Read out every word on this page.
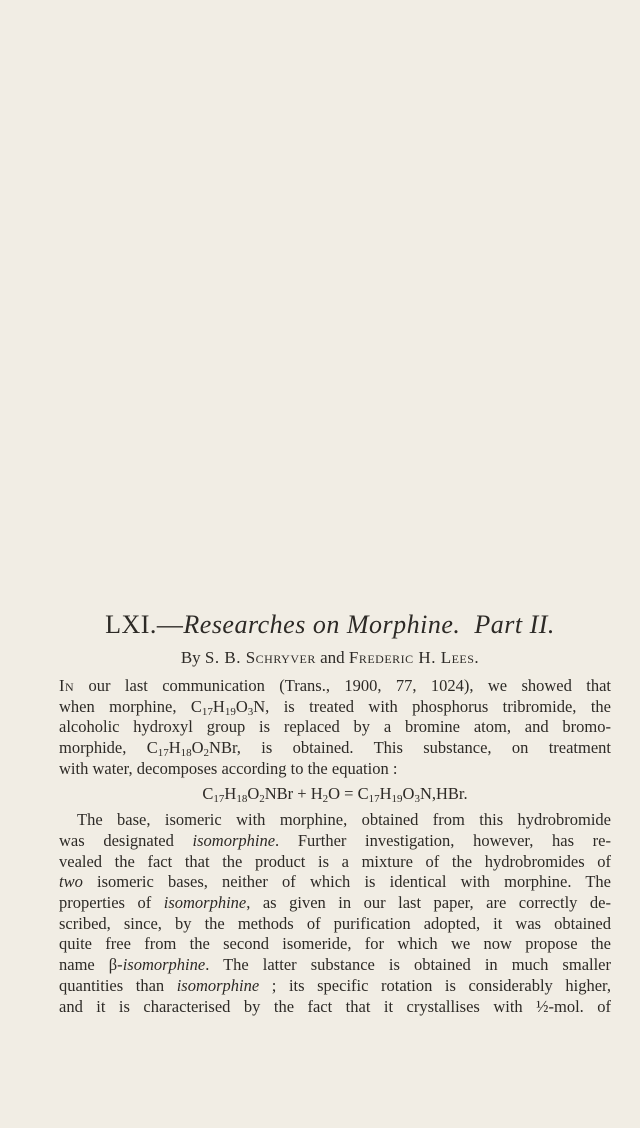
LXI.—Researches on Morphine. Part II.
By S. B. Schryver and Frederic H. Lees.
In our last communication (Trans., 1900, 77, 1024), we showed that
when morphine, $C_{17}H_{19}O_3N$, is treated with phosphorus tribromide, the
alcoholic hydroxyl group is replaced by a bromine atom, and bromo-
morphide, $C_{17}H_{18}O_2NBr$, is obtained. This substance, on treatment
with water, decomposes according to the equation :
$C_{17}H_{18}O_2NBr + H_2O = C_{17}H_{19}O_3N,HBr$.
The base, isomeric with morphine, obtained from this hydrobromide
was designated isomorphine. Further investigation, however, has re-
vealed the fact that the product is a mixture of the hydrobromides of
two isomeric bases, neither of which is identical with morphine. The
properties of isomorphine, as given in our last paper, are correctly de-
scribed, since, by the methods of purification adopted, it was obtained
quite free from the second isomeride, for which we now propose the
name β-isomorphine. The latter substance is obtained in much smaller
quantities than isomorphine ; its specific rotation is considerably higher,
and it is characterised by the fact that it crystallises with ½-mol. of
